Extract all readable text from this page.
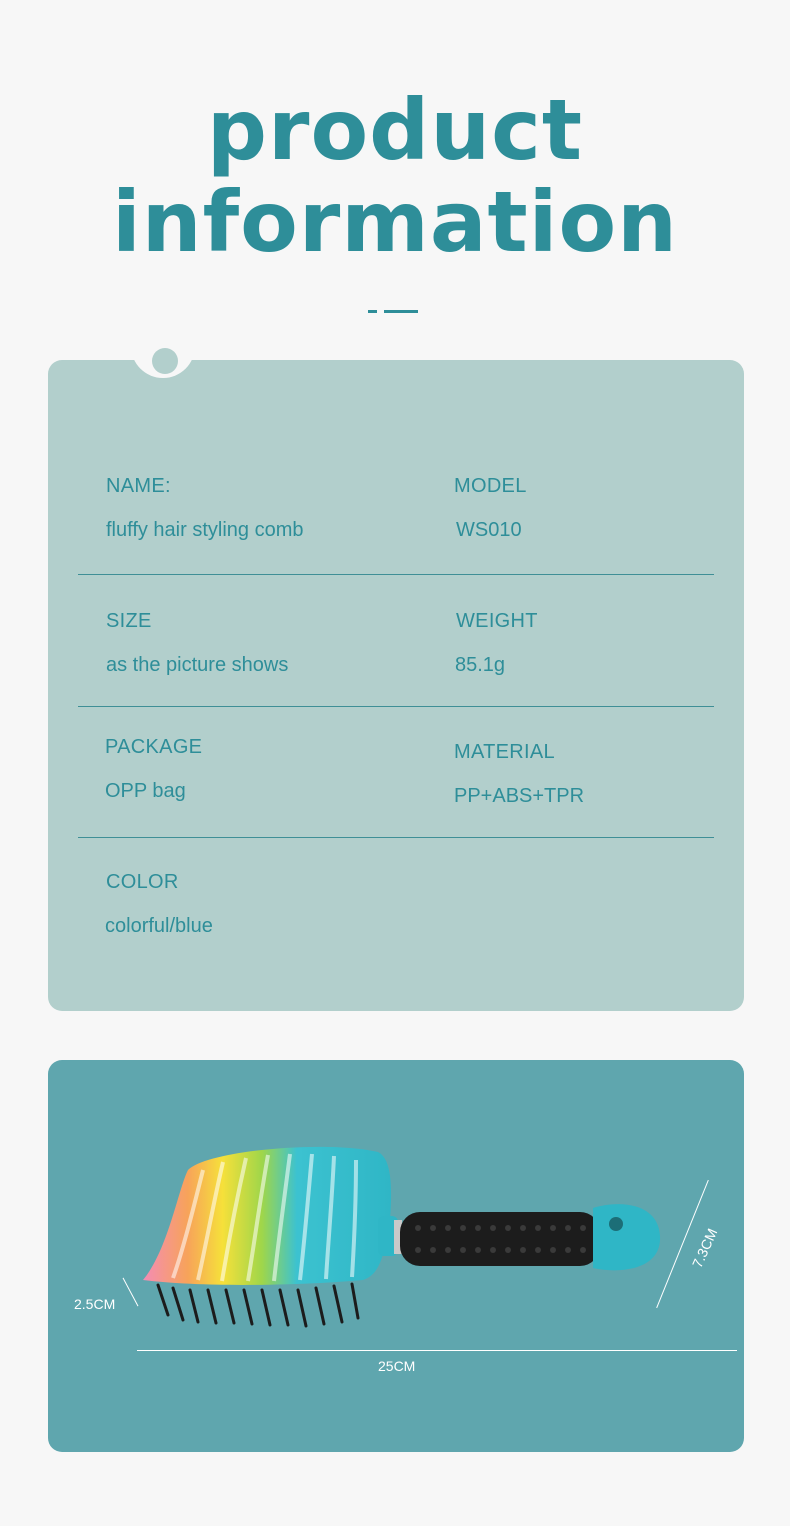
product
information
NAME:
fluffy hair styling comb
MODEL
WS010
SIZE
as the picture shows
WEIGHT
85.1g
PACKAGE
OPP bag
MATERIAL
PP+ABS+TPR
COLOR
colorful/blue
25CM
2.5CM
7.3CM
